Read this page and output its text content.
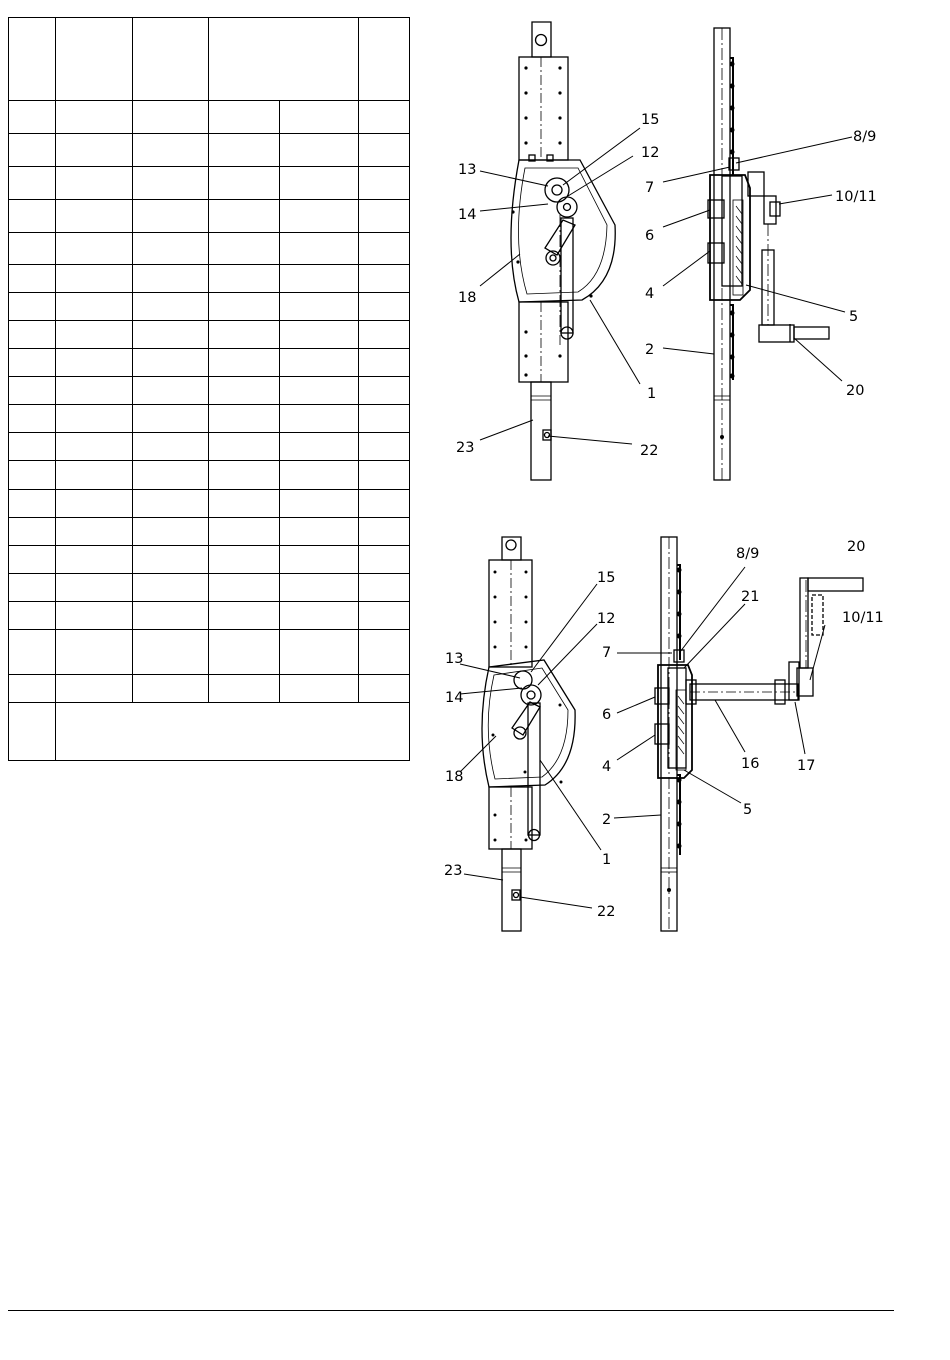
15
12
13
14
18
1
23	22
8/9
7
10/11
6
4
5
2
20
15
12
13
14
18
1
23
22
20
8/9
21
10/11
7
6
4	16	17
5
2
